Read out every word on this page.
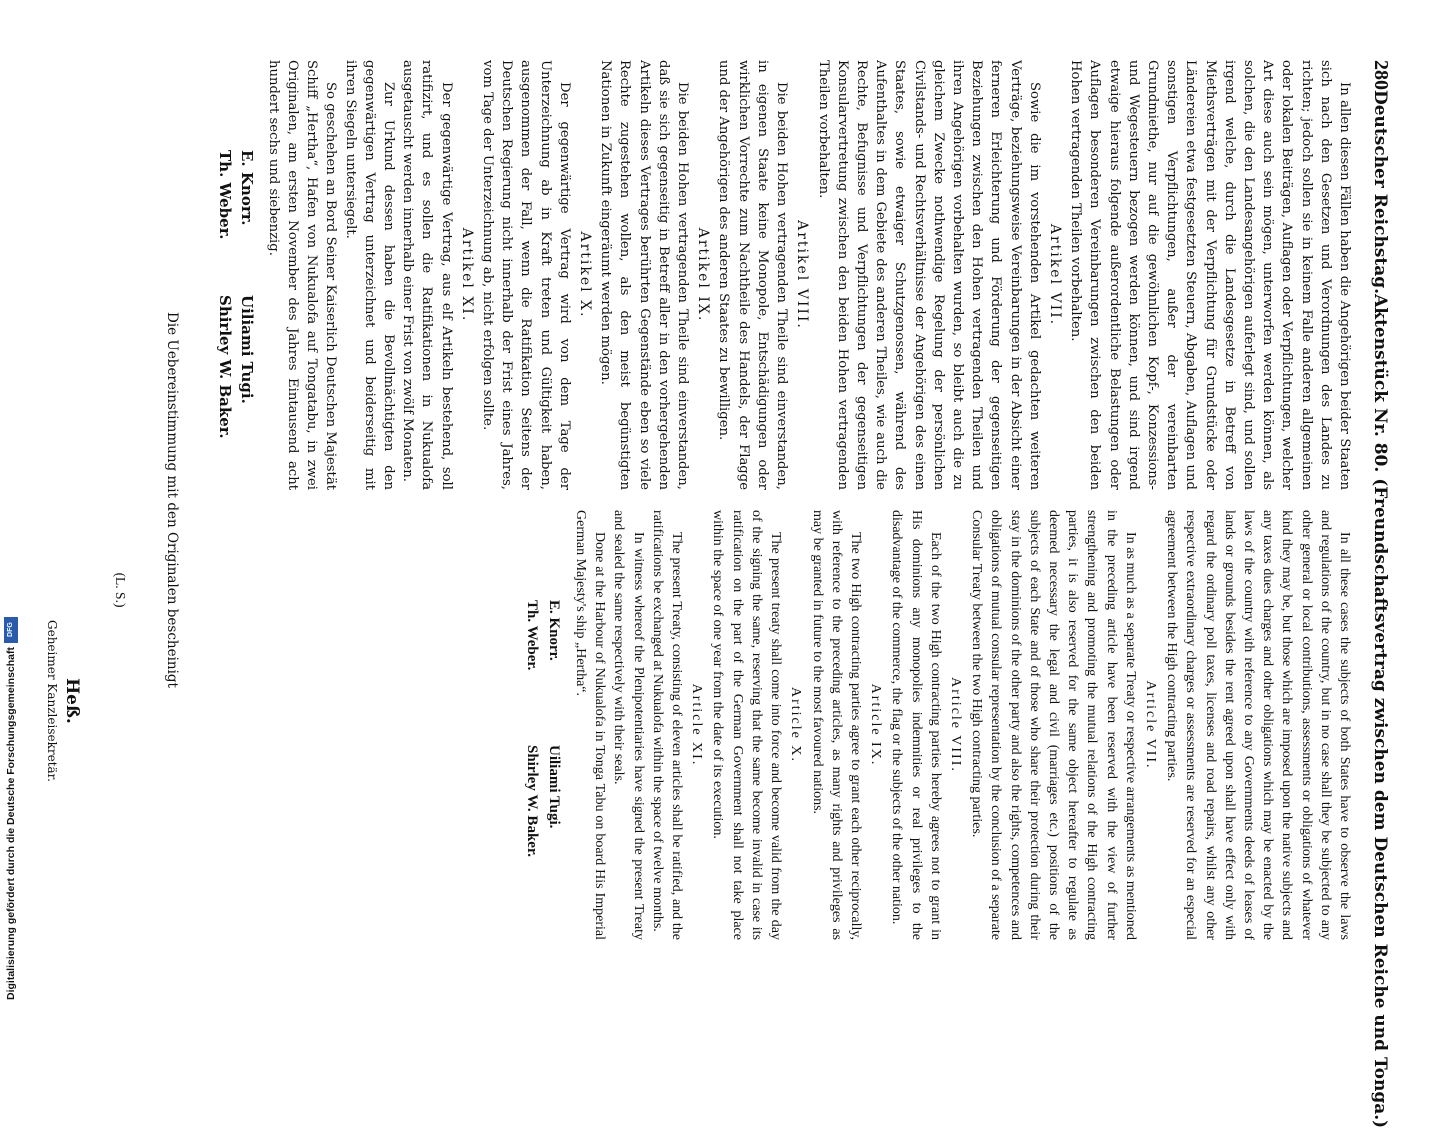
280
Deutscher Reichstag.
Aktenstück Nr. 80. (Freundschaftsvertrag zwischen dem Deutschen Reiche und Tonga.)

In allen diesen Fällen haben die Angehörigen beider Staaten sich nach den Gesetzen und Verordnungen des Landes zu richten; jedoch sollen sie in keinem Falle anderen allgemeinen oder lokalen Beiträgen, Auflagen oder Verpflichtungen, welcher Art diese auch sein mögen, unterworfen werden können, als solchen, die den Landesangehörigen auferlegt sind, und sollen irgend welche, durch die Landesgesetze in Betreff von Miethsverträgen mit der Verpflichtung für Grundstücke oder Ländereien etwa festgesetzten Steuern, Abgaben, Auflagen und sonstigen Verpflichtungen, außer der vereinbarten Grundmiethe, nur auf die gewöhnlichen Kopf-, Konzessions- und Wegesteuern bezogen werden können, und sind irgend etwaige hieraus folgende außerordentliche Belastungen oder Auflagen besonderen Vereinbarungen zwischen den beiden Hohen vertragenden Theilen vorbehalten.

Artikel VII.

Sowie die im vorstehenden Artikel gedachten weiteren Verträge, beziehungsweise Vereinbarungen in der Absicht einer ferneren Erleichterung und Förderung der gegenseitigen Beziehungen zwischen den Hohen vertragenden Theilen und ihren Angehörigen vorbehalten wurden, so bleibt auch die zu gleichem Zwecke nothwendige Regelung der persönlichen Civilstands- und Rechtsverhältnisse der Angehörigen des einen Staates, sowie etwaiger Schutzgenossen, während des Aufenthaltes in dem Gebiete des anderen Theiles, wie auch die Rechte, Befugnisse und Verpflichtungen der gegenseitigen Konsularvertretung zwischen den beiden Hohen vertragenden Theilen vorbehalten.

Artikel VIII.

Die beiden Hohen vertragenden Theile sind einverstanden, in eigenen Staate keine Monopole, Entschädigungen oder wirklichen Vorrechte zum Nachtheile des Handels, der Flagge und der Angehörigen des anderen Staates zu bewilligen.

Artikel IX.

Die beiden Hohen vertragenden Theile sind einverstanden, daß sie sich gegenseitig in Betreff aller in den vorhergehenden Artikeln dieses Vertrages berührten Gegenstände eben so viele Rechte zugestehen wollen, als den meist begünstigten Nationen in Zukunft eingeräumt werden mögen.

Artikel X.

Der gegenwärtige Vertrag wird von dem Tage der Unterzeichnung ab in Kraft treten und Gültigkeit haben, ausgenommen der Fall, wenn die Ratifikation Seitens der Deutschen Regierung nicht innerhalb der Frist eines Jahres, vom Tage der Unterzeichnung ab, nicht erfolgen sollte.

Artikel XI.

Der gegenwärtige Vertrag, aus elf Artikeln bestehend, soll ratifizirt, und es sollen die Ratifikationen in Nukualofa ausgetauscht werden innerhalb einer Frist von zwölf Monaten.

Zur Urkund dessen haben die Bevollmächtigten den gegenwärtigen Vertrag unterzeichnet und beiderseitig mit ihren Siegeln untersiegelt.

So geschehen an Bord Seiner Kaiserlich Deutschen Majestät Schiff „Hertha“, Hafen von Nukualofa auf Tongatabu, in zwei Originalen, am ersten November des Jahres Eintausend acht hundert sechs und siebenzig.

E. Knorr.
Uiliami Tugi.
Th. Weber.
Shirley W. Baker.

In all these cases the subjects of both States have to observe the laws and regulations of the country, but in no case shall they be subjected to any other general or local contributions, assessments or obligations of whatever kind they may be, but those which are imposed upon the native subjects and any taxes dues charges and other obligations which may be enacted by the laws of the country with reference to any Governments deeds of leases of lands or grounds besides the rent agreed upon shall have effect only with regard the ordinary poll taxes, licenses and road repairs, whilst any other respective extraordinary charges or assessments are reserved for an especial agreement between the High contracting parties.

Article VII.

In as much as a separate Treaty or respective arrangements as mentioned in the preceding article have been reserved with the view of further strengthening and promoting the mutual relations of the High contracting parties, it is also reserved for the same object hereafter to regulate as deemed necessary the legal and civil (marriages etc.) positions of the subjects of each State and of those who share their protection during their stay in the dominions of the other party and also the rights, competences and obligations of mutual consular representation by the conclusion of a separate Consular Treaty between the two High contracting parties.

Article VIII.

Each of the two High contracting parties hereby agrees not to grant in His dominions any monopolies indemnities or real privileges to the disadvantage of the commerce, the flag or the subjects of the other nation.

Article IX.

The two High contracting parties agree to grant each other reciprocally, with reference to the preceding articles, as many rights and privileges as may be granted in future to the most favoured nations.

Article X.

The present treaty shall come into force and become valid from the day of the signing the same, reserving that the same become invalid in case its ratification on the part of the German Government shall not take place within the space of one year from the date of its execution.

Article XI.

The present Treaty, consisting of eleven articles shall be ratified, and the ratifications be exchanged at Nukualofa within the space of twelve months.

In witness whereof the Plenipotentiaries have signed the present Treaty and sealed the same respectively with their seals.

Done at the Harbour of Nukualofa in Tonga Tabu on board His Imperial German Majesty's ship „Hertha“.

E. Knorr.
Uiliami Tugi.
Th. Weber.
Shirley W. Baker.
Die Uebereinstimmung mit den Originalen bescheinigt
(L. S.)
Heß.
Geheimer Kanzleisekretär.
Digitalisierung gefördert durch die Deutsche Forschungsgemeinschaft
DFG
